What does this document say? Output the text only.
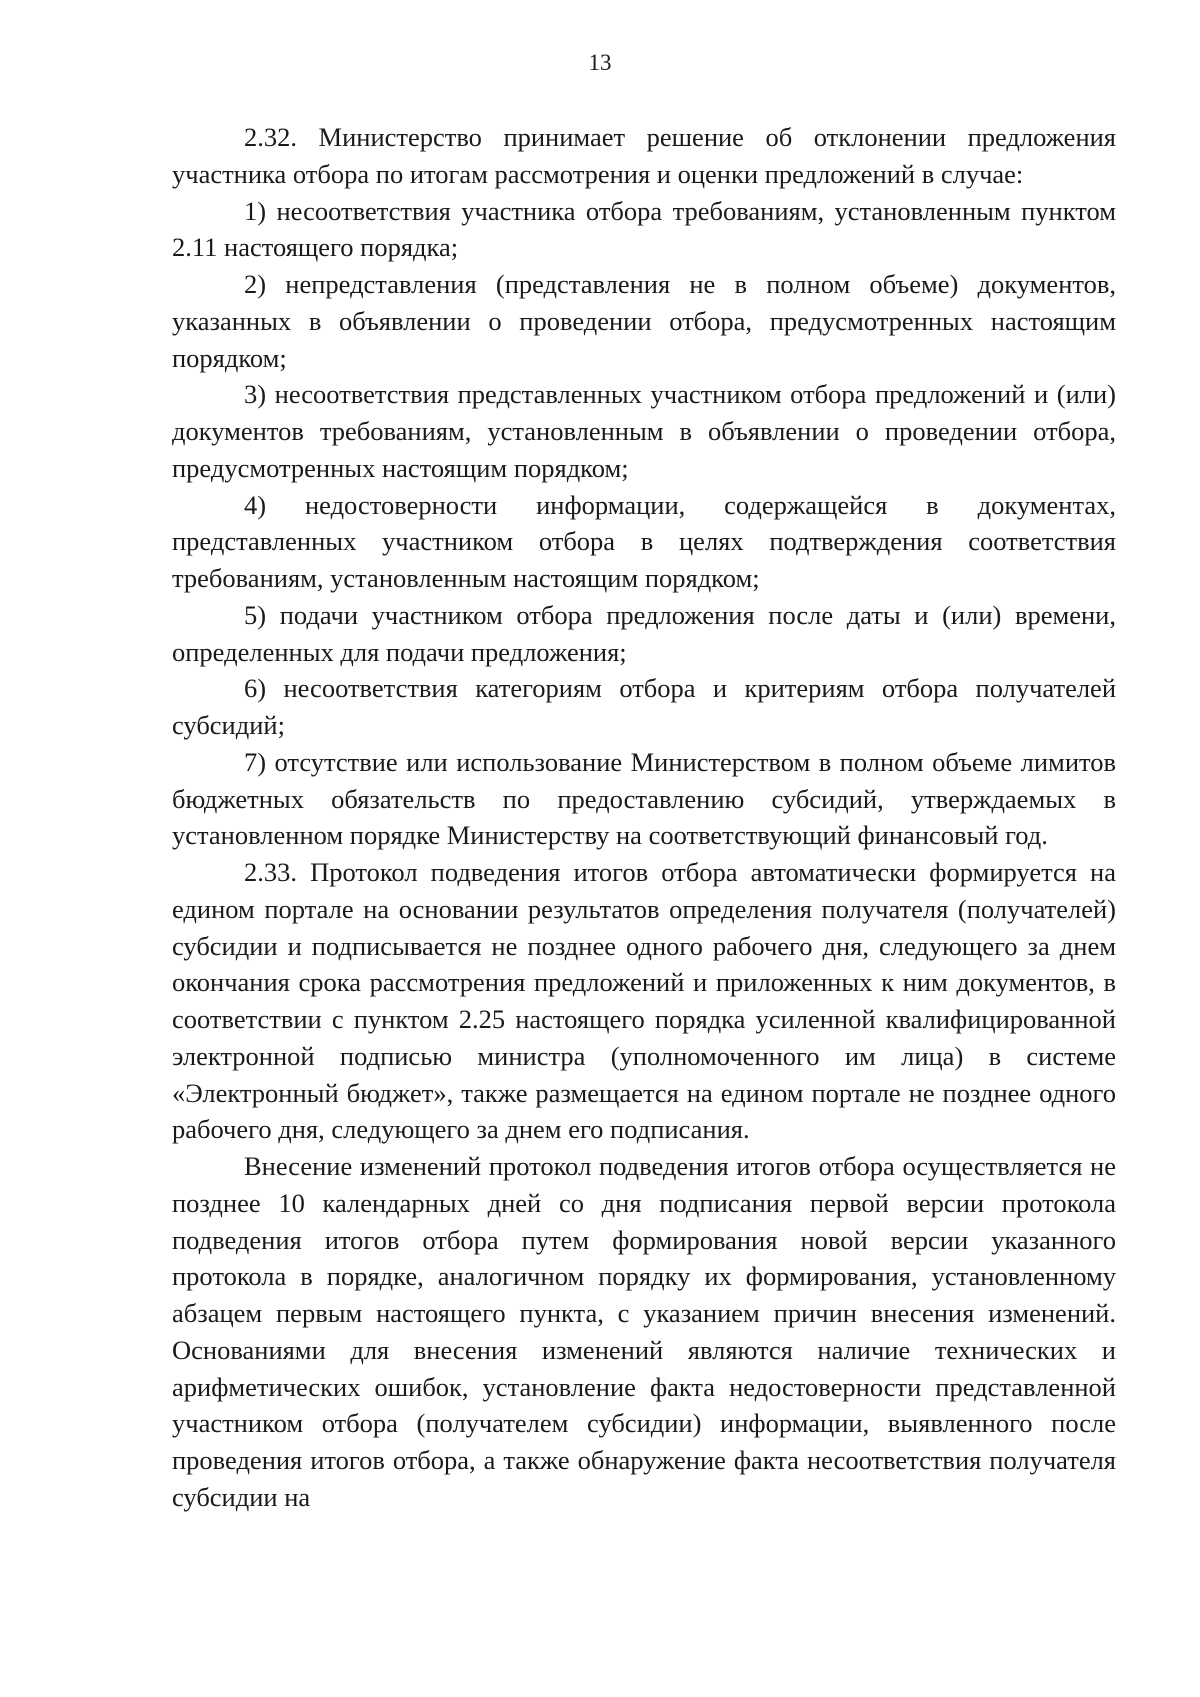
13

2.32. Министерство принимает решение об отклонении предложения участника отбора по итогам рассмотрения и оценки предложений в случае:

1) несоответствия участника отбора требованиям, установленным пунктом 2.11 настоящего порядка;

2) непредставления (представления не в полном объеме) документов, указанных в объявлении о проведении отбора, предусмотренных настоящим порядком;

3) несоответствия представленных участником отбора предложений и (или) документов требованиям, установленным в объявлении о проведении отбора, предусмотренных настоящим порядком;

4) недостоверности информации, содержащейся в документах, представленных участником отбора в целях подтверждения соответствия требованиям, установленным настоящим порядком;

5) подачи участником отбора предложения после даты и (или) времени, определенных для подачи предложения;

6) несоответствия категориям отбора и критериям отбора получателей субсидий;

7) отсутствие или использование Министерством в полном объеме лимитов бюджетных обязательств по предоставлению субсидий, утверждаемых в установленном порядке Министерству на соответствующий финансовый год.

2.33. Протокол подведения итогов отбора автоматически формируется на едином портале на основании результатов определения получателя (получателей) субсидии и подписывается не позднее одного рабочего дня, следующего за днем окончания срока рассмотрения предложений и приложенных к ним документов, в соответствии с пунктом 2.25 настоящего порядка усиленной квалифицированной электронной подписью министра (уполномоченного им лица) в системе «Электронный бюджет», также размещается на едином портале не позднее одного рабочего дня, следующего за днем его подписания.

Внесение изменений протокол подведения итогов отбора осуществляется не позднее 10 календарных дней со дня подписания первой версии протокола подведения итогов отбора путем формирования новой версии указанного протокола в порядке, аналогичном порядку их формирования, установленному абзацем первым настоящего пункта, с указанием причин внесения изменений. Основаниями для внесения изменений являются наличие технических и арифметических ошибок, установление факта недостоверности представленной участником отбора (получателем субсидии) информации, выявленного после проведения итогов отбора, а также обнаружение факта несоответствия получателя субсидии на
